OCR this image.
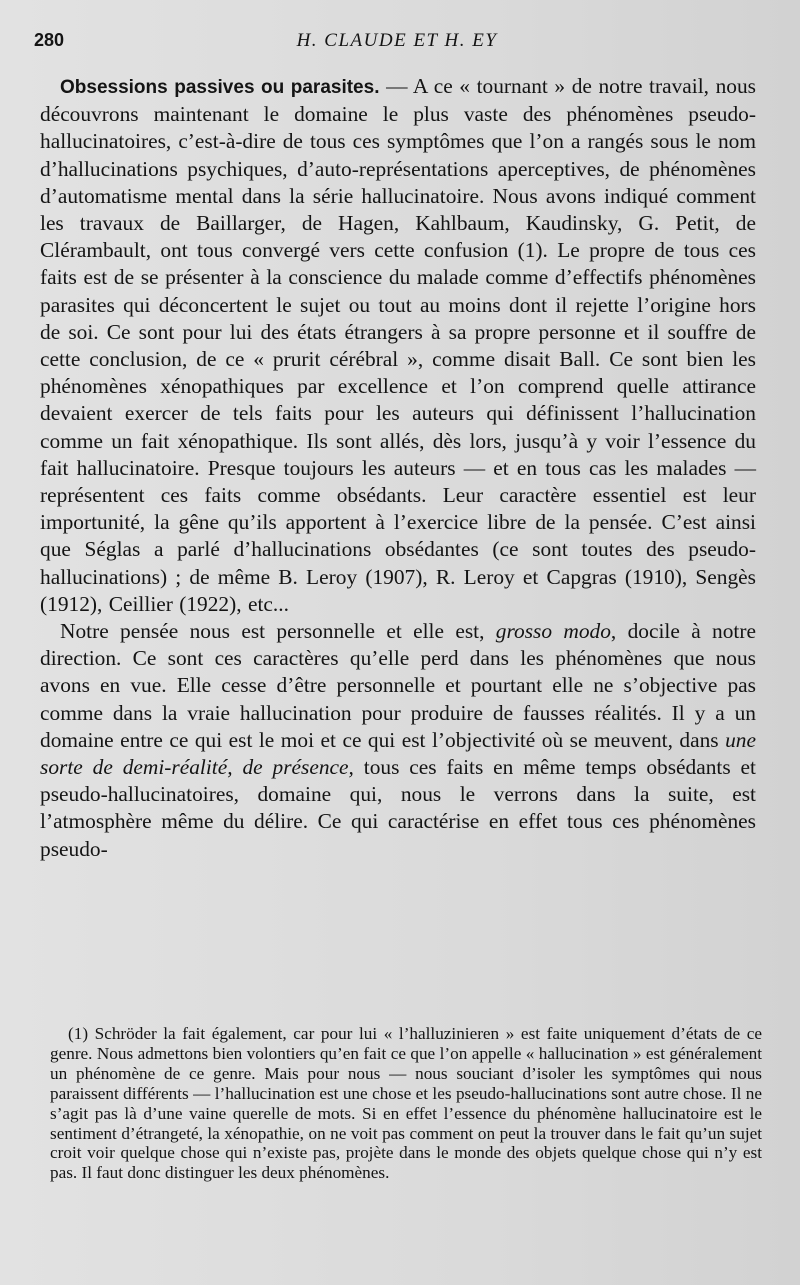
280	H. CLAUDE ET H. EY

Obsessions passives ou parasites. — A ce « tournant » de notre travail, nous découvrons maintenant le domaine le plus vaste des phénomènes pseudo-hallucinatoires, c’est-à-dire de tous ces symptômes que l’on a rangés sous le nom d’hallucinations psychiques, d’auto-représentations aperceptives, de phénomènes d’automatisme mental dans la série hallucinatoire. Nous avons indiqué comment les travaux de Baillarger, de Hagen, Kahlbaum, Kaudinsky, G. Petit, de Clérambault, ont tous convergé vers cette confusion (1). Le propre de tous ces faits est de se présenter à la conscience du malade comme d’effectifs phénomènes parasites qui déconcertent le sujet ou tout au moins dont il rejette l’origine hors de soi. Ce sont pour lui des états étrangers à sa propre personne et il souffre de cette conclusion, de ce « prurit cérébral », comme disait Ball. Ce sont bien les phénomènes xénopathiques par excellence et l’on comprend quelle attirance devaient exercer de tels faits pour les auteurs qui définissent l’hallucination comme un fait xénopathique. Ils sont allés, dès lors, jusqu’à y voir l’essence du fait hallucinatoire. Presque toujours les auteurs — et en tous cas les malades — représentent ces faits comme obsédants. Leur caractère essentiel est leur importunité, la gêne qu’ils apportent à l’exercice libre de la pensée. C’est ainsi que Séglas a parlé d’hallucinations obsédantes (ce sont toutes des pseudo-hallucinations) ; de même B. Leroy (1907), R. Leroy et Capgras (1910), Sengès (1912), Ceillier (1922), etc...

Notre pensée nous est personnelle et elle est, grosso modo, docile à notre direction. Ce sont ces caractères qu’elle perd dans les phénomènes que nous avons en vue. Elle cesse d’être personnelle et pourtant elle ne s’objective pas comme dans la vraie hallucination pour produire de fausses réalités. Il y a un domaine entre ce qui est le moi et ce qui est l’objectivité où se meuvent, dans une sorte de demi-réalité, de présence, tous ces faits en même temps obsédants et pseudo-hallucinatoires, domaine qui, nous le verrons dans la suite, est l’atmosphère même du délire. Ce qui caractérise en effet tous ces phénomènes pseudo-

(1) Schröder la fait également, car pour lui « l’halluzinieren » est faite uniquement d’états de ce genre. Nous admettons bien volontiers qu’en fait ce que l’on appelle « hallucination » est généralement un phénomène de ce genre. Mais pour nous — nous souciant d’isoler les symptômes qui nous paraissent différents — l’hallucination est une chose et les pseudo-hallucinations sont autre chose. Il ne s’agit pas là d’une vaine querelle de mots. Si en effet l’essence du phénomène hallucinatoire est le sentiment d’étrangeté, la xénopathie, on ne voit pas comment on peut la trouver dans le fait qu’un sujet croit voir quelque chose qui n’existe pas, projète dans le monde des objets quelque chose qui n’y est pas. Il faut donc distinguer les deux phénomènes.
